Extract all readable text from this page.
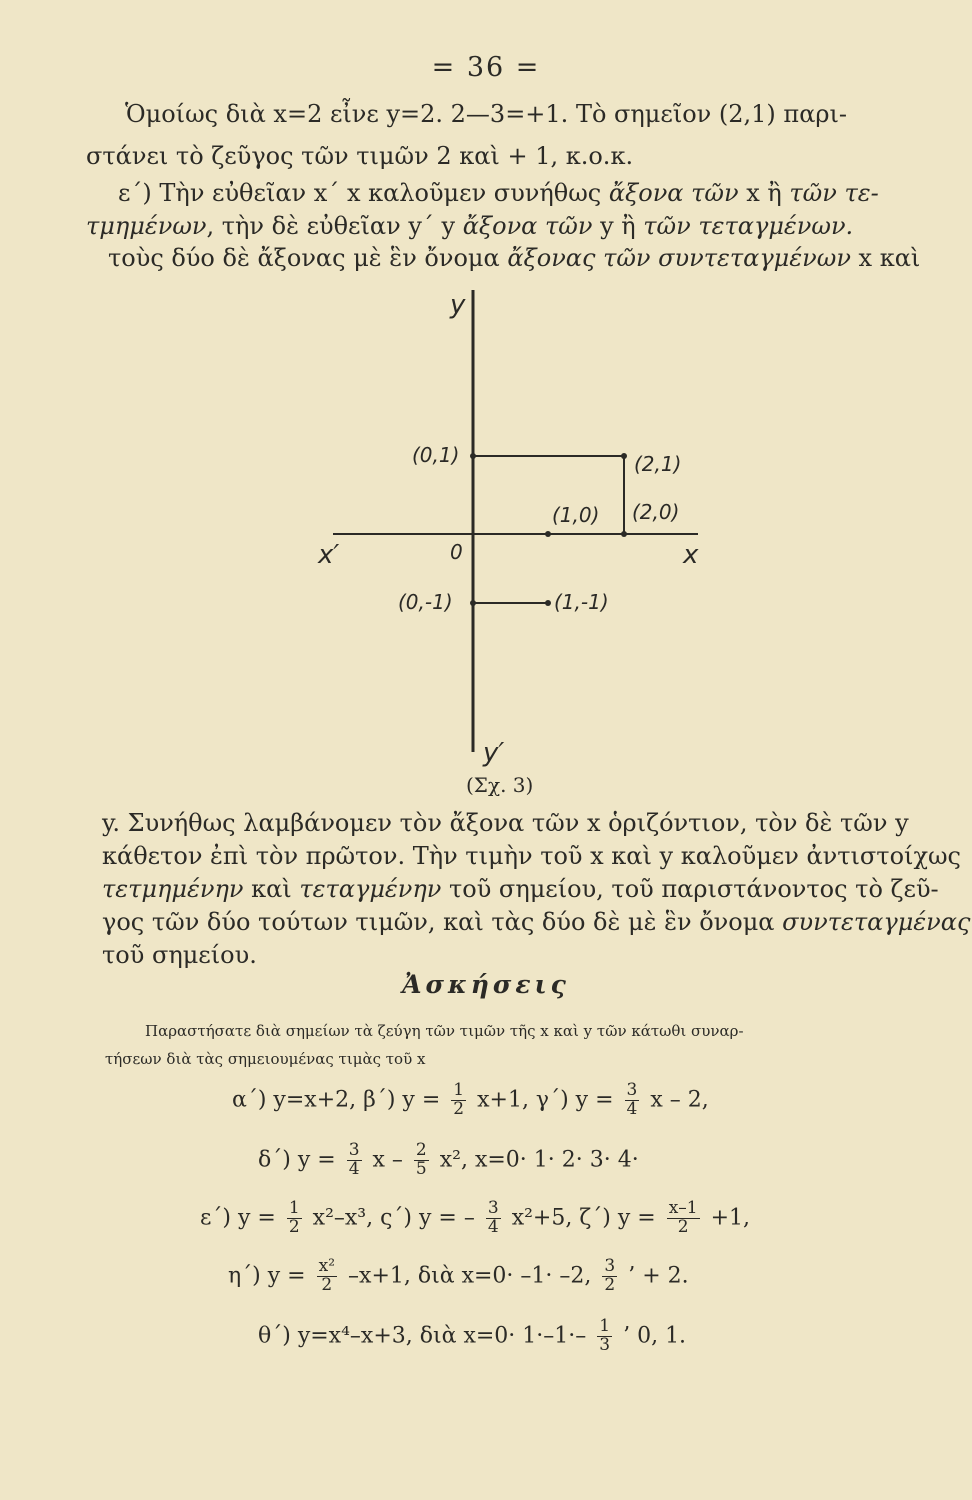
= 36 =
Ὁμοίως διὰ x=2 εἶνε y=2. 2—3=+1. Τὸ σημεῖον (2,1) παρι-
στάνει τὸ ζεῦγος τῶν τιμῶν 2 καὶ + 1, κ.ο.κ.
ε΄) Τὴν εὐθεῖαν x΄ x καλοῦμεν συνήθως ἄξονα τῶν x ἢ τῶν τε-
τμημένων, τὴν δὲ εὐθεῖαν y΄ y ἄξονα τῶν y ἢ τῶν τεταγμένων.
τοὺς δύο δὲ ἄξονας μὲ ἓν ὄνομα ἄξονας τῶν συντεταγμένων x καὶ
y
y′
x′	x
0
(0,1)	(2,1)
(1,0) (2,0)
(0,-1)	(1,-1)
(Σχ. 3)
y. Συνήθως λαμβάνομεν τὸν ἄξονα τῶν x ὁριζόντιον, τὸν δὲ τῶν y
κάθετον ἐπὶ τὸν πρῶτον. Τὴν τιμὴν τοῦ x καὶ y καλοῦμεν ἀντιστοίχως
τετμημένην καὶ τεταγμένην τοῦ σημείου, τοῦ παριστάνοντος τὸ ζεῦ-
γος τῶν δύο τούτων τιμῶν, καὶ τὰς δύο δὲ μὲ ἓν ὄνομα συντεταγμένας
τοῦ σημείου.
Ἀσκήσεις
Παραστήσατε διὰ σημείων τὰ ζεύγη τῶν τιμῶν τῆς x καὶ y τῶν κάτωθι συναρ-
τήσεων διὰ τὰς σημειουμένας τιμὰς τοῦ x
α΄) y=x+2, β΄) $y = \frac{1}{2} x+1$, γ΄) $y = \frac{3}{4}$ x – 2,
δ΄) $y = \frac{3}{4}$ x – $\frac{2}{5} x^2$, x=0· 1· 2· 3· 4·
ε΄) $y = \frac{1}{2} x^2-x^3$, ς΄) y = – $\frac{3}{4} x^2+5$, ζ΄) $y = \frac{x-1}{2} +1$,
η΄) $y = \frac{\text{x²}}{2} -x+1$, διὰ x=0· –1· –2, $\frac{3}{2}$ ’ + 2.
θ΄) y=x⁴–x+3, διὰ $x=0\cdot 1\cdot-1\cdot- \frac{1}{3}$ ’ 0, 1.
